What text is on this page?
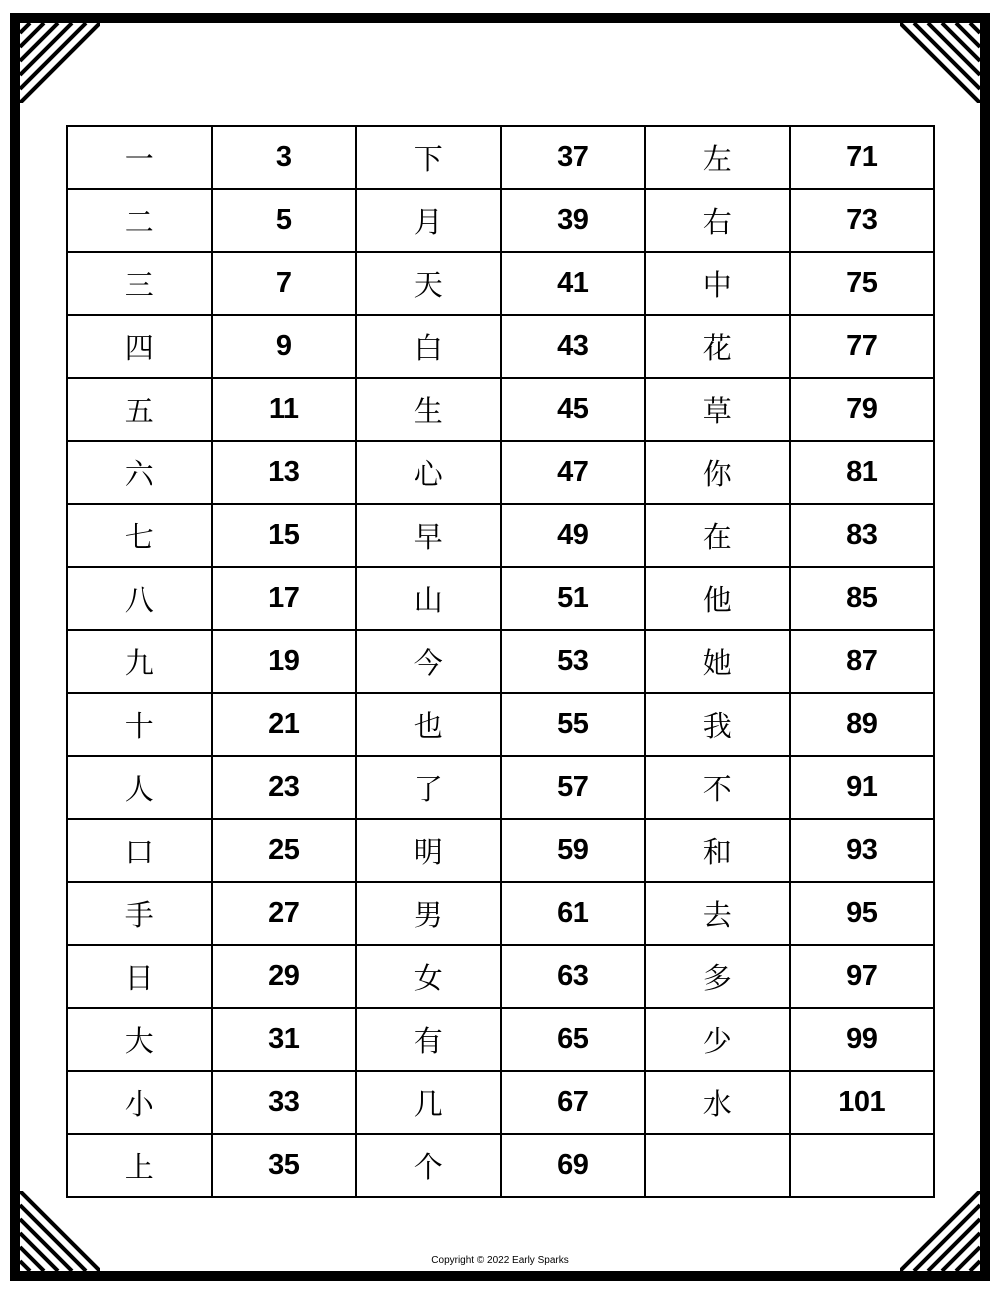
一	3	下	37	左	71
二	5	月	39	右	73
三	7	天	41	中	75
四	9	白	43	花	77
五	11	生	45	草	79
六	13	心	47	你	81
七	15	早	49	在	83
八	17	山	51	他	85
九	19	今	53	她	87
十	21	也	55	我	89
人	23	了	57	不	91
口	25	明	59	和	93
手	27	男	61	去	95
日	29	女	63	多	97
大	31	有	65	少	99
小	33	几	67	水	101
上	35	个	69		
Copyright © 2022 Early Sparks
